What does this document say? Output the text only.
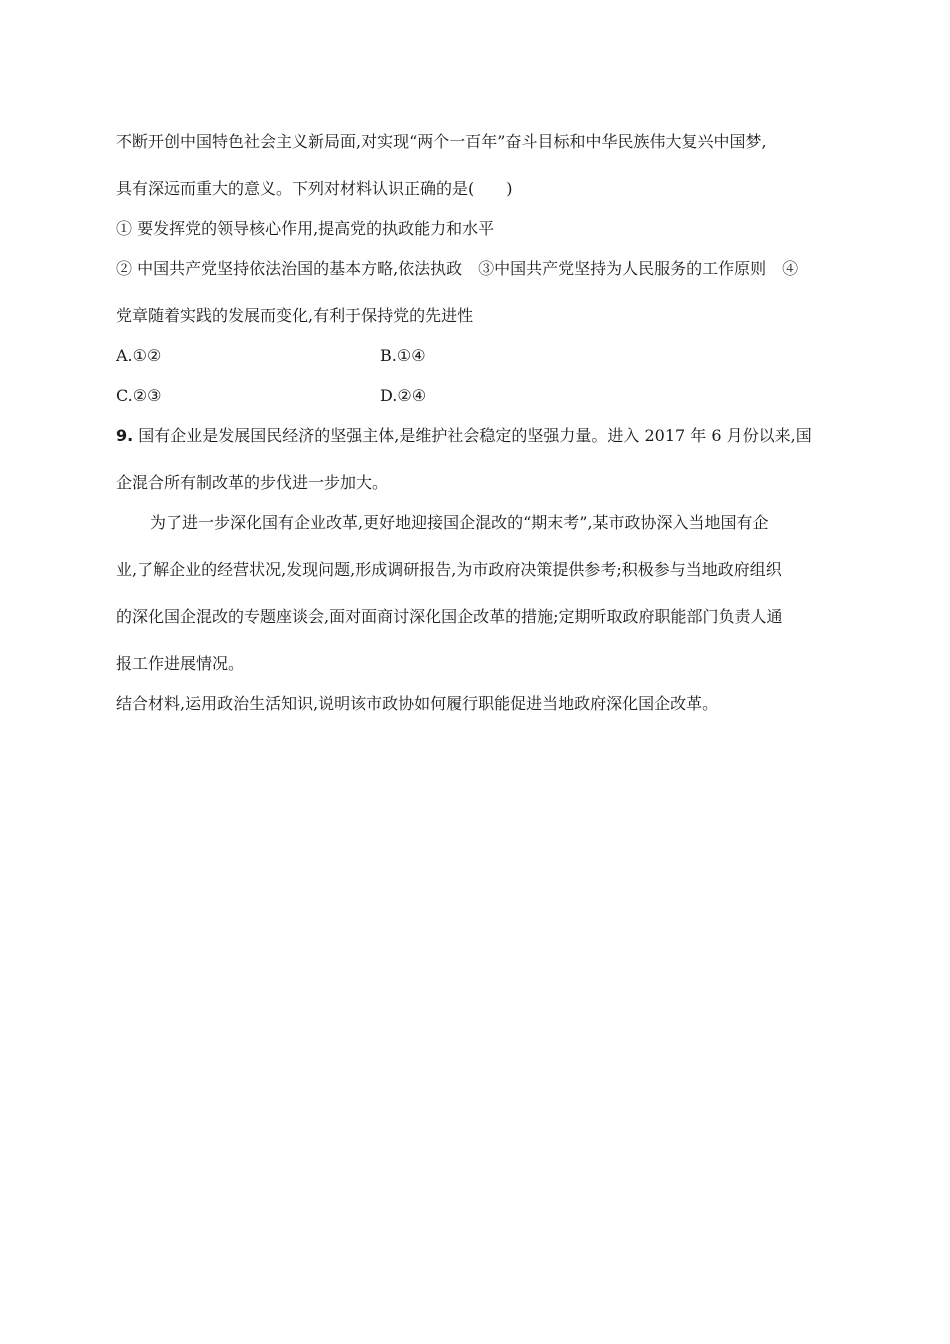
不断开创中国特色社会主义新局面,对实现“两个一百年”奋斗目标和中华民族伟大复兴中国梦,
具有深远而重大的意义。下列对材料认识正确的是(　　)
① 要发挥党的领导核心作用,提高党的执政能力和水平
② 中国共产党坚持依法治国的基本方略,依法执政　③中国共产党坚持为人民服务的工作原则　④
党章随着实践的发展而变化,有利于保持党的先进性
A.①②	B.①④
C.②③	D.②④
9. 国有企业是发展国民经济的坚强主体,是维护社会稳定的坚强力量。进入 2017 年 6 月份以来,国
企混合所有制改革的步伐进一步加大。
为了进一步深化国有企业改革,更好地迎接国企混改的“期末考”,某市政协深入当地国有企
业,了解企业的经营状况,发现问题,形成调研报告,为市政府决策提供参考;积极参与当地政府组织
的深化国企混改的专题座谈会,面对面商讨深化国企改革的措施;定期听取政府职能部门负责人通
报工作进展情况。
结合材料,运用政治生活知识,说明该市政协如何履行职能促进当地政府深化国企改革。
